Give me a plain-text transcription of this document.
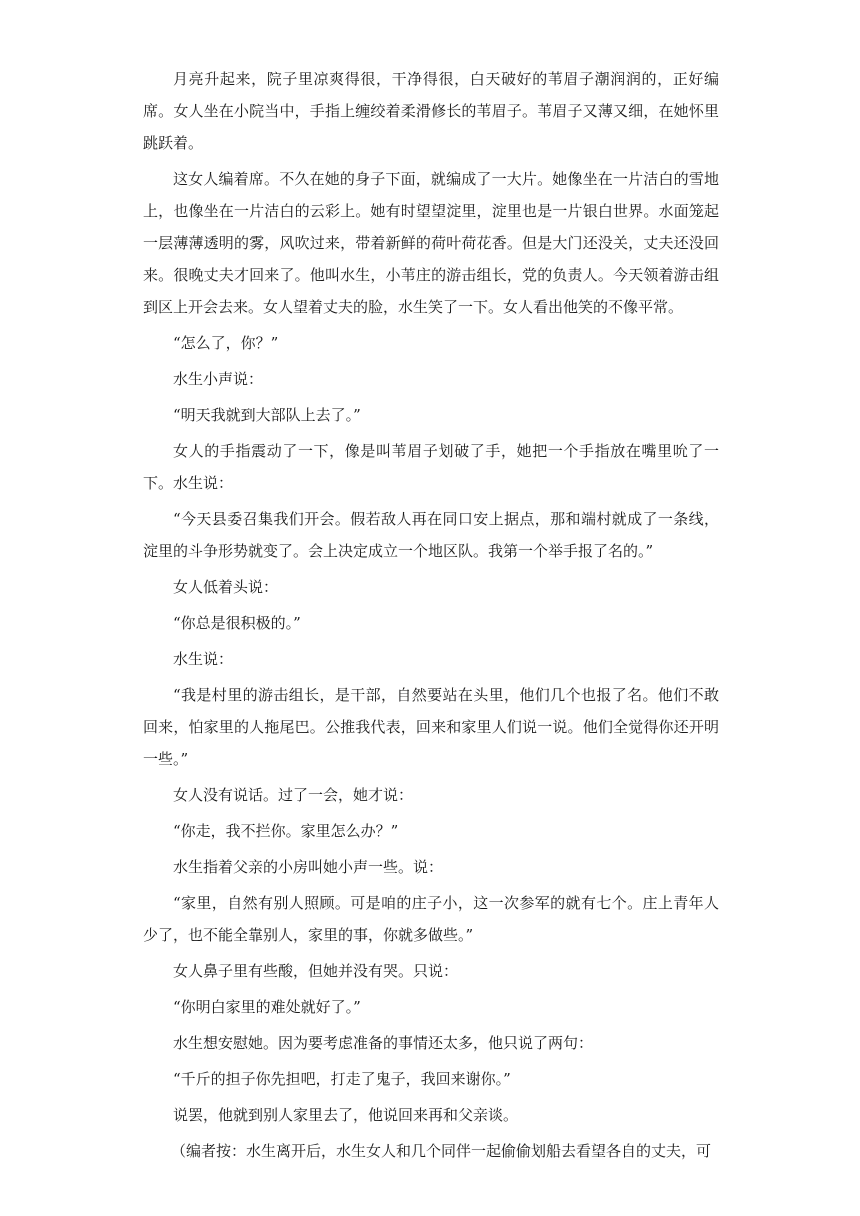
月亮升起来，院子里凉爽得很，干净得很，白天破好的苇眉子潮润润的，正好编席。女人坐在小院当中，手指上缠绞着柔滑修长的苇眉子。苇眉子又薄又细，在她怀里跳跃着。

这女人编着席。不久在她的身子下面，就编成了一大片。她像坐在一片洁白的雪地上，也像坐在一片洁白的云彩上。她有时望望淀里，淀里也是一片银白世界。水面笼起一层薄薄透明的雾，风吹过来，带着新鲜的荷叶荷花香。但是大门还没关，丈夫还没回来。很晚丈夫才回来了。他叫水生，小苇庄的游击组长，党的负责人。今天领着游击组到区上开会去来。女人望着丈夫的脸，水生笑了一下。女人看出他笑的不像平常。

“怎么了，你？”

水生小声说：

“明天我就到大部队上去了。”

女人的手指震动了一下，像是叫苇眉子划破了手，她把一个手指放在嘴里吮了一下。水生说：

“今天县委召集我们开会。假若敌人再在同口安上据点，那和端村就成了一条线，淀里的斗争形势就变了。会上决定成立一个地区队。我第一个举手报了名的。”

女人低着头说：

“你总是很积极的。”

水生说：

“我是村里的游击组长，是干部，自然要站在头里，他们几个也报了名。他们不敢回来，怕家里的人拖尾巴。公推我代表，回来和家里人们说一说。他们全觉得你还开明一些。”

女人没有说话。过了一会，她才说：

“你走，我不拦你。家里怎么办？”

水生指着父亲的小房叫她小声一些。说：

“家里，自然有别人照顾。可是咱的庄子小，这一次参军的就有七个。庄上青年人少了，也不能全靠别人，家里的事，你就多做些。”

女人鼻子里有些酸，但她并没有哭。只说：

“你明白家里的难处就好了。”

水生想安慰她。因为要考虑准备的事情还太多，他只说了两句：

“千斤的担子你先担吧，打走了鬼子，我回来谢你。”

说罢，他就到别人家里去了，他说回来再和父亲谈。

（编者按：水生离开后，水生女人和几个同伴一起偷偷划船去看望各自的丈夫，可
